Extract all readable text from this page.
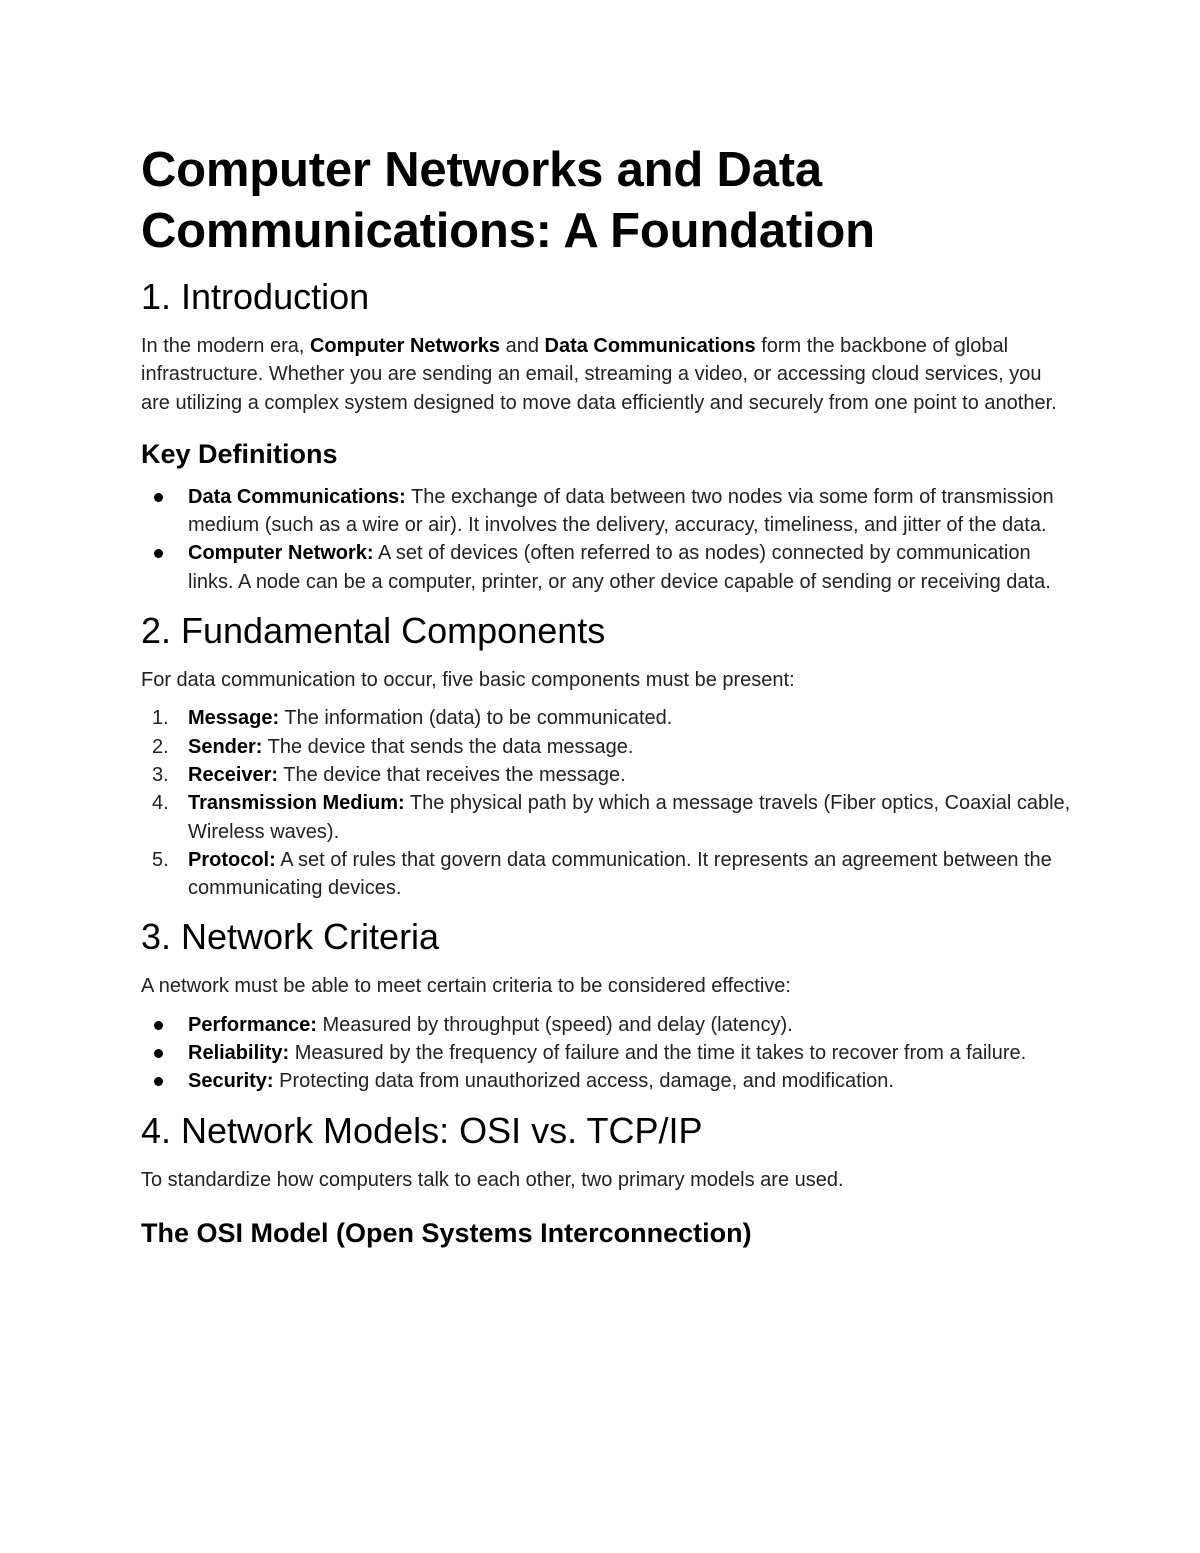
Computer Networks and Data Communications: A Foundation
1. Introduction

In the modern era, Computer Networks and Data Communications form the backbone of global infrastructure. Whether you are sending an email, streaming a video, or accessing cloud services, you are utilizing a complex system designed to move data efficiently and securely from one point to another.

Key Definitions
Data Communications: The exchange of data between two nodes via some form of transmission medium (such as a wire or air). It involves the delivery, accuracy, timeliness, and jitter of the data.
Computer Network: A set of devices (often referred to as nodes) connected by communication links. A node can be a computer, printer, or any other device capable of sending or receiving data.
2. Fundamental Components

For data communication to occur, five basic components must be present:

1. Message: The information (data) to be communicated.
2. Sender: The device that sends the data message.
3. Receiver: The device that receives the message.
4. Transmission Medium: The physical path by which a message travels (Fiber optics, Coaxial cable, Wireless waves).
5. Protocol: A set of rules that govern data communication. It represents an agreement between the communicating devices.
3. Network Criteria

A network must be able to meet certain criteria to be considered effective:

Performance: Measured by throughput (speed) and delay (latency).
Reliability: Measured by the frequency of failure and the time it takes to recover from a failure.
Security: Protecting data from unauthorized access, damage, and modification.
4. Network Models: OSI vs. TCP/IP

To standardize how computers talk to each other, two primary models are used.

The OSI Model (Open Systems Interconnection)
